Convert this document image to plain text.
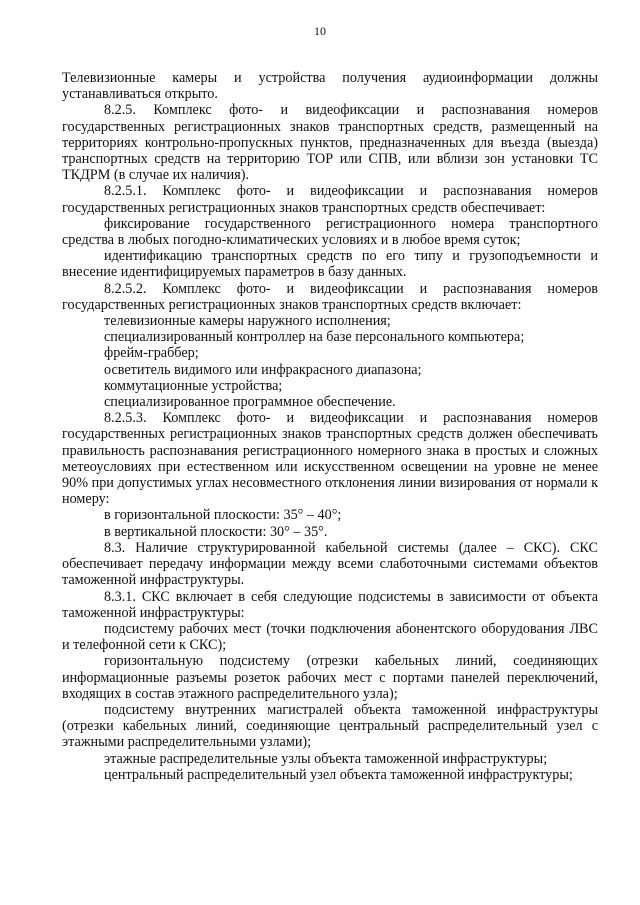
10

Телевизионные камеры и устройства получения аудиоинформации должны устанавливаться открыто.

8.2.5. Комплекс фото- и видеофиксации и распознавания номеров государственных регистрационных знаков транспортных средств, размещенный на территориях контрольно-пропускных пунктов, предназначенных для въезда (выезда) транспортных средств на территорию ТОР или СПВ, или вблизи зон установки ТС ТКДРМ (в случае их наличия).

8.2.5.1. Комплекс фото- и видеофиксации и распознавания номеров государственных регистрационных знаков транспортных средств обеспечивает:

фиксирование государственного регистрационного номера транспортного средства в любых погодно-климатических условиях и в любое время суток;

идентификацию транспортных средств по его типу и грузоподъемности и внесение идентифицируемых параметров в базу данных.

8.2.5.2. Комплекс фото- и видеофиксации и распознавания номеров государственных регистрационных знаков транспортных средств включает:

телевизионные камеры наружного исполнения;

специализированный контроллер на базе персонального компьютера;

фрейм-граббер;

осветитель видимого или инфракрасного диапазона;

коммутационные устройства;

специализированное программное обеспечение.

8.2.5.3. Комплекс фото- и видеофиксации и распознавания номеров государственных регистрационных знаков транспортных средств должен обеспечивать правильность распознавания регистрационного номерного знака в простых и сложных метеоусловиях при естественном или искусственном освещении на уровне не менее 90% при допустимых углах несовместного отклонения линии визирования от нормали к номеру:

в горизонтальной плоскости: 35° – 40°;

в вертикальной плоскости: 30° – 35°.

8.3. Наличие структурированной кабельной системы (далее – СКС). СКС обеспечивает передачу информации между всеми слаботочными системами объектов таможенной инфраструктуры.

8.3.1. СКС включает в себя следующие подсистемы в зависимости от объекта таможенной инфраструктуры:

подсистему рабочих мест (точки подключения абонентского оборудования ЛВС и телефонной сети к СКС);

горизонтальную подсистему (отрезки кабельных линий, соединяющих информационные разъемы розеток рабочих мест с портами панелей переключений, входящих в состав этажного распределительного узла);

подсистему внутренних магистралей объекта таможенной инфраструктуры (отрезки кабельных линий, соединяющие центральный распределительный узел с этажными распределительными узлами);

этажные распределительные узлы объекта таможенной инфраструктуры;

центральный распределительный узел объекта таможенной инфраструктуры;
